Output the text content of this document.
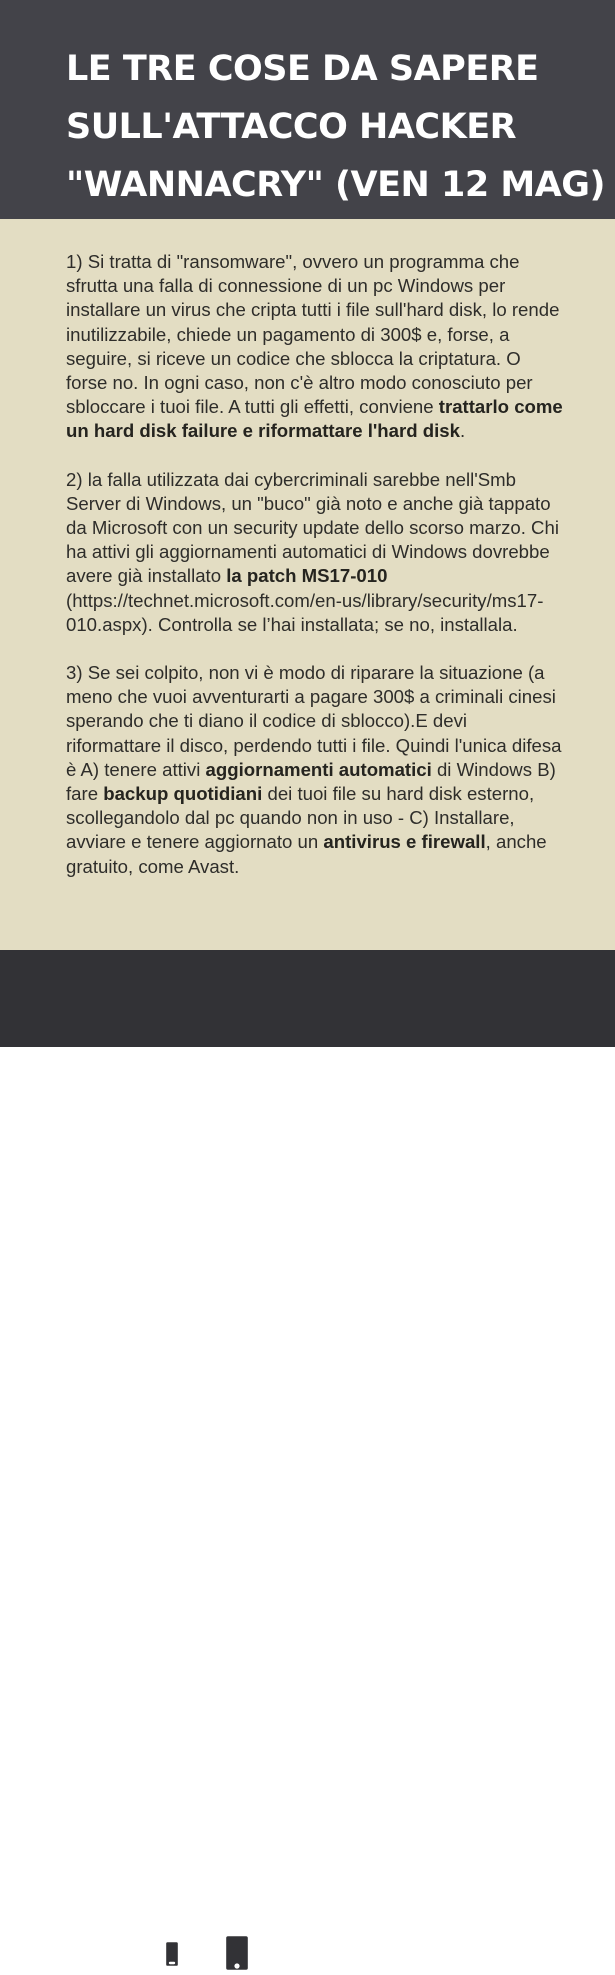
LE TRE COSE DA SAPERE
SULL'ATTACCO HACKER
"WANNACRY" (VEN 12 MAG)

1) Si tratta di "ransomware", ovvero un programma che sfrutta una falla di connessione di un pc Windows per installare un virus che cripta tutti i file sull'hard disk, lo rende inutilizzabile, chiede un pagamento di 300$ e, forse, a seguire, si riceve un codice che sblocca la criptatura. O forse no. In ogni caso, non c'è altro modo conosciuto per sbloccare i tuoi file. A tutti gli effetti, conviene trattarlo come un hard disk failure e riformattare l'hard disk.

2) la falla utilizzata dai cybercriminali sarebbe nell'Smb Server di Windows, un "buco" già noto e anche già tappato da Microsoft con un security update dello scorso marzo. Chi ha attivi gli aggiornamenti automatici di Windows dovrebbe avere già installato la patch MS17-010 (https://technet.microsoft.com/en-us/library/security/ms17-010.aspx). Controlla se l’hai installata; se no, installala.

3) Se sei colpito, non vi è modo di riparare la situazione (a meno che vuoi avventurarti a pagare 300$ a criminali cinesi sperando che ti diano il codice di sblocco).E devi riformattare il disco, perdendo tutti i file. Quindi l'unica difesa è A) tenere attivi aggiornamenti automatici di Windows B) fare backup quotidiani dei tuoi file su hard disk esterno, scollegandolo dal pc quando non in uso - C) Installare, avviare e tenere aggiornato un antivirus e firewall, anche gratuito, come Avast.

alberto_pozzi
CONSULENZA E PROGETTI DIGITALI
